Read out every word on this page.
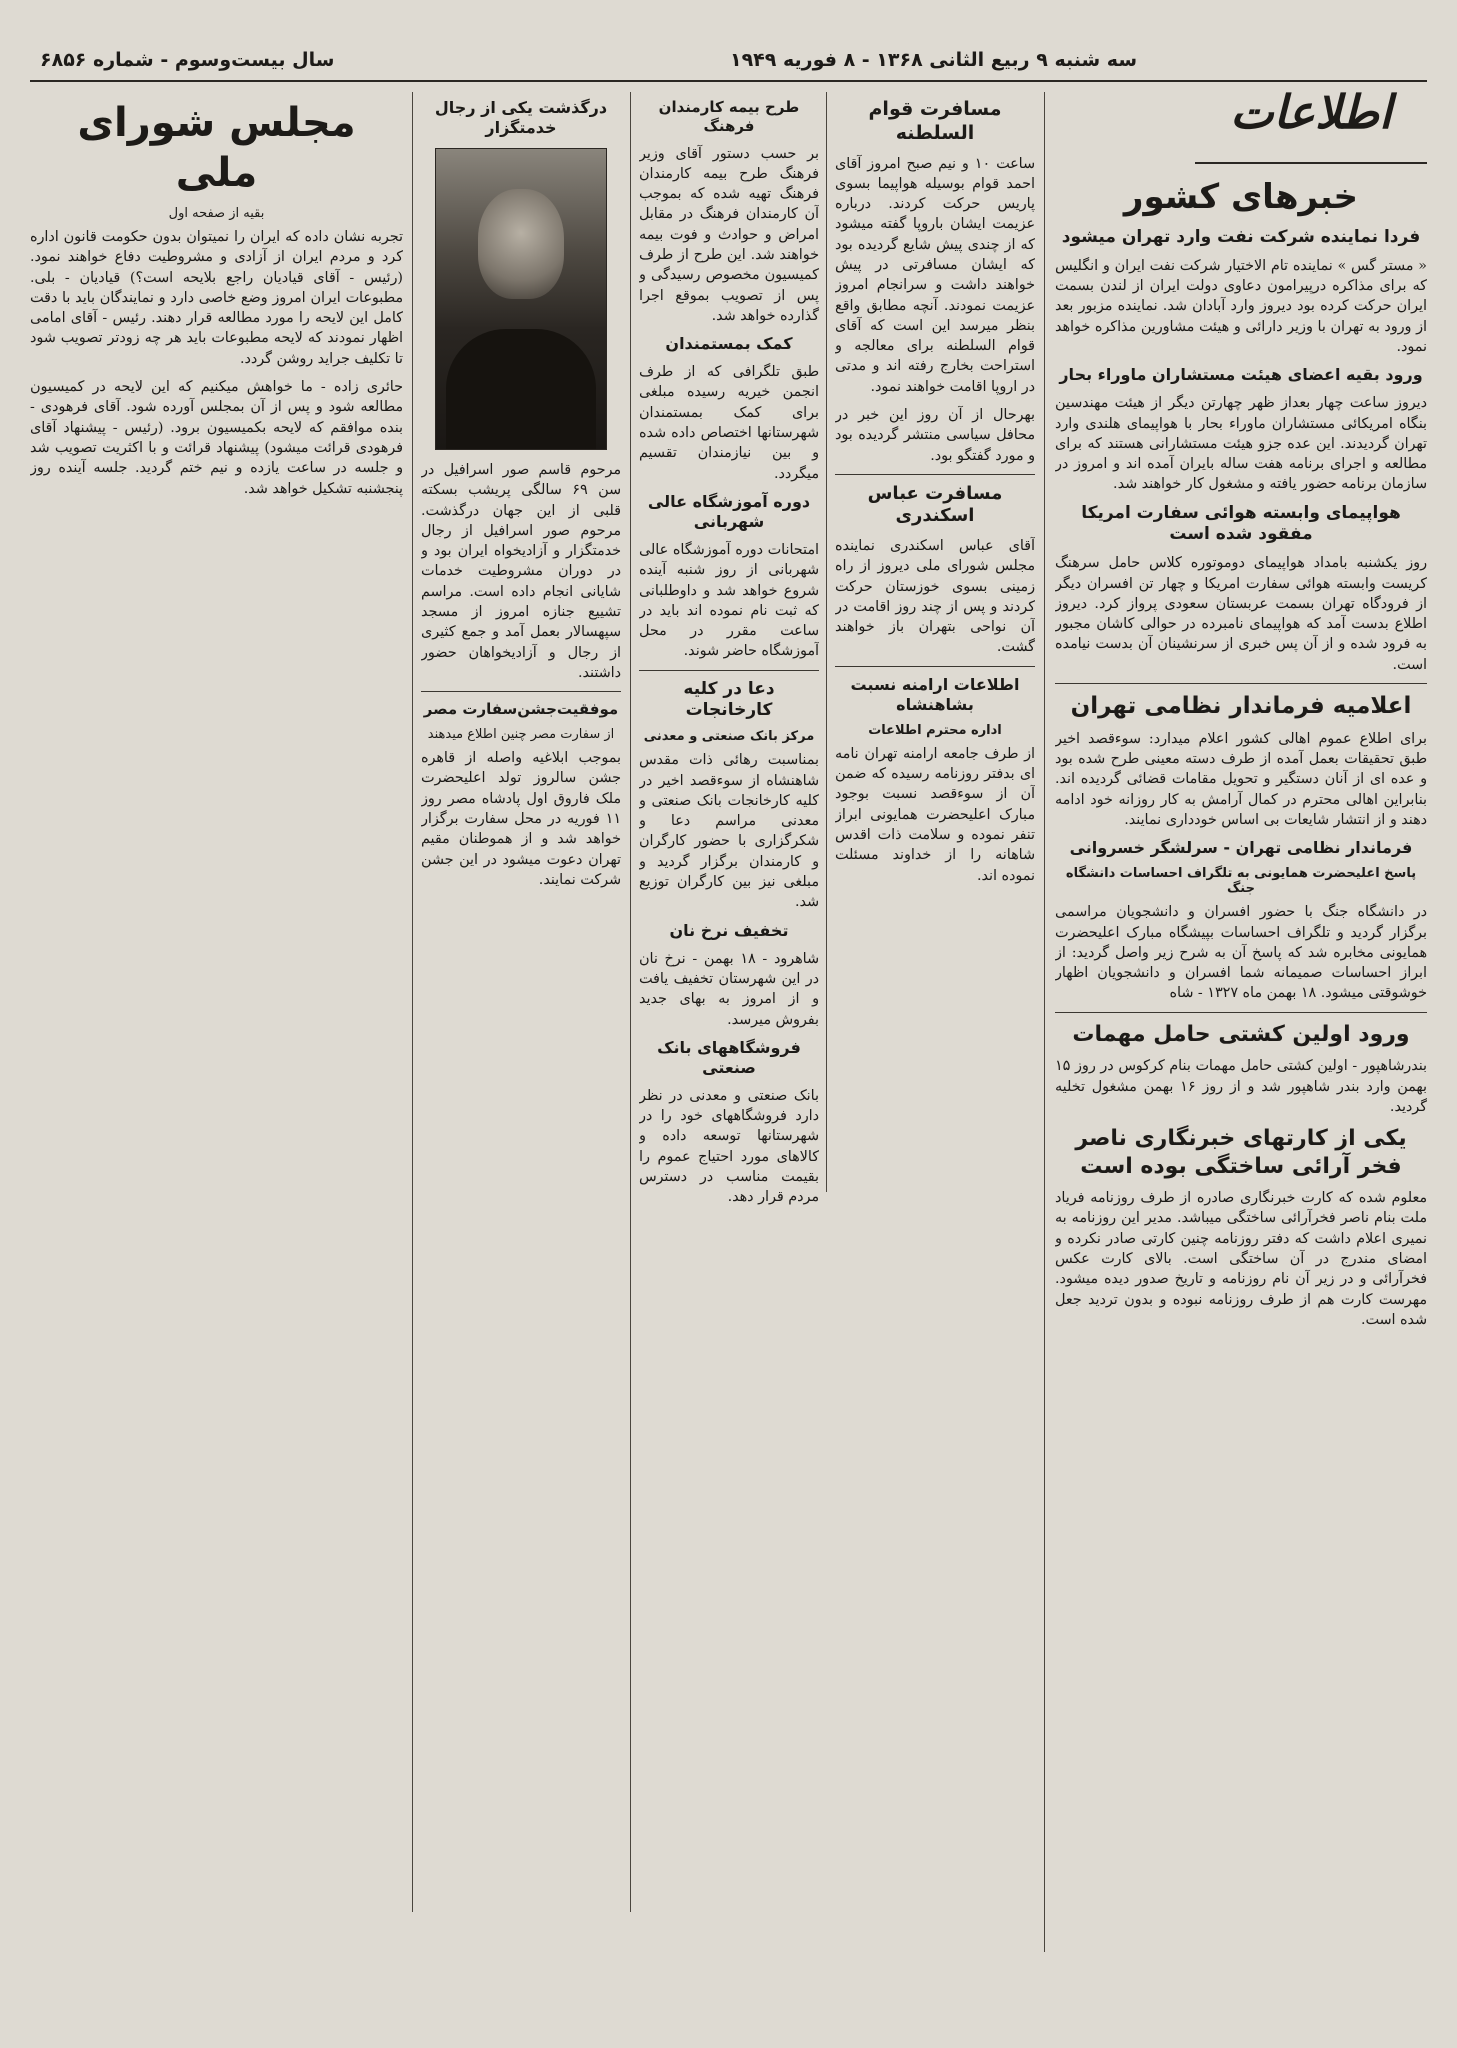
سه شنبه ۹ ربیع الثانی ۱۳۶۸ - ۸ فوریه ۱۹۴۹
سال بیست‌وسوم - شماره ۶۸۵۶
اطلاعات
خبرهای کشور
فردا نماینده شرکت نفت وارد تهران میشود

« مستر گس » نماینده تام الاختیار شرکت نفت ایران و انگلیس که برای مذاکره درپیرامون دعاوی دولت ایران از لندن بسمت ایران حرکت کرده بود دیروز وارد آبادان شد. نماینده مزبور بعد از ورود به تهران با وزیر دارائی و هیئت مشاورین مذاکره خواهد نمود.

ورود بقیه اعضای هیئت مستشاران ماوراء بحار

دیروز ساعت چهار بعداز ظهر چهارتن دیگر از هیئت مهندسین بنگاه امریکائی مستشاران ماوراء بحار با هواپیمای هلندی وارد تهران گردیدند. این عده جزو هیئت مستشارانی هستند که برای مطالعه و اجرای برنامه هفت ساله بایران آمده اند و امروز در سازمان برنامه حضور یافته و مشغول کار خواهند شد.

هواپیمای وابسته هوائی سفارت امریکا مفقود شده است

روز یکشنبه بامداد هواپیمای دوموتوره کلاس حامل سرهنگ کریست وابسته هوائی سفارت امریکا و چهار تن افسران دیگر از فرودگاه تهران بسمت عربستان سعودی پرواز کرد. دیروز اطلاع بدست آمد که هواپیمای نامبرده در حوالی کاشان مجبور به فرود شده و از آن پس خبری از سرنشینان آن بدست نیامده است.

اعلامیه فرماندار نظامی تهران

برای اطلاع عموم اهالی کشور اعلام میدارد: سوءقصد اخیر طبق تحقیقات بعمل آمده از طرف دسته معینی طرح شده بود و عده ای از آنان دستگیر و تحویل مقامات قضائی گردیده اند. بنابراین اهالی محترم در کمال آرامش به کار روزانه خود ادامه دهند و از انتشار شایعات بی اساس خودداری نمایند.

فرماندار نظامی تهران - سرلشگر خسروانی
پاسخ اعلیحضرت همایونی به تلگراف احساسات دانشگاه جنگ

در دانشگاه جنگ با حضور افسران و دانشجویان مراسمی برگزار گردید و تلگراف احساسات بپیشگاه مبارک اعلیحضرت همایونی مخابره شد که پاسخ آن به شرح زیر واصل گردید: از ابراز احساسات صمیمانه شما افسران و دانشجویان اظهار خوشوقتی میشود. ۱۸ بهمن ماه ۱۳۲۷ - شاه

ورود اولین کشتی حامل مهمات

بندرشاهپور - اولین کشتی حامل مهمات بنام کرکوس در روز ۱۵ بهمن وارد بندر شاهپور شد و از روز ۱۶ بهمن مشغول تخلیه گردید.

یکی از کارتهای خبرنگاری ناصر فخر آرائی ساختگی بوده است

معلوم شده که کارت خبرنگاری صادره از طرف روزنامه فریاد ملت بنام ناصر فخرآرائی ساختگی میباشد. مدیر این روزنامه به نمیری اعلام داشت که دفتر روزنامه چنین کارتی صادر نکرده و امضای مندرج در آن ساختگی است. بالای کارت عکس فخرآرائی و در زیر آن نام روزنامه و تاریخ صدور دیده میشود. مهرست کارت هم از طرف روزنامه نبوده و بدون تردید جعل شده است.

مسافرت قوام السلطنه

ساعت ۱۰ و نیم صبح امروز آقای احمد قوام بوسیله هواپیما بسوی پاریس حرکت کردند. درباره عزیمت ایشان باروپا گفته میشود که از چندی پیش شایع گردیده بود که ایشان مسافرتی در پیش خواهند داشت و سرانجام امروز عزیمت نمودند. آنچه مطابق واقع بنظر میرسد این است که آقای قوام السلطنه برای معالجه و استراحت بخارج رفته اند و مدتی در اروپا اقامت خواهند نمود.

بهرحال از آن روز این خبر در محافل سیاسی منتشر گردیده بود و مورد گفتگو بود.

مسافرت عباس اسکندری

آقای عباس اسکندری نماینده مجلس شورای ملی دیروز از راه زمینی بسوی خوزستان حرکت کردند و پس از چند روز اقامت در آن نواحی بتهران باز خواهند گشت.

اطلاعات ارامنه نسبت بشاهنشاه
اداره محترم اطلاعات

از طرف جامعه ارامنه تهران نامه ای بدفتر روزنامه رسیده که ضمن آن از سوءقصد نسبت بوجود مبارک اعلیحضرت همایونی ابراز تنفر نموده و سلامت ذات اقدس شاهانه را از خداوند مسئلت نموده اند.

طرح بیمه کارمندان فرهنگ

بر حسب دستور آقای وزیر فرهنگ طرح بیمه کارمندان فرهنگ تهیه شده که بموجب آن کارمندان فرهنگ در مقابل امراض و حوادث و فوت بیمه خواهند شد. این طرح از طرف کمیسیون مخصوص رسیدگی و پس از تصویب بموقع اجرا گذارده خواهد شد.

کمک بمستمندان

طبق تلگرافی که از طرف انجمن خیریه رسیده مبلغی برای کمک بمستمندان شهرستانها اختصاص داده شده و بین نیازمندان تقسیم میگردد.

دوره آموزشگاه عالی شهربانی

امتحانات دوره آموزشگاه عالی شهربانی از روز شنبه آینده شروع خواهد شد و داوطلبانی که ثبت نام نموده اند باید در ساعت مقرر در محل آموزشگاه حاضر شوند.

دعا در کلیه کارخانجات
مرکز بانک صنعتی و معدنی

بمناسبت رهائی ذات مقدس شاهنشاه از سوءقصد اخیر در کلیه کارخانجات بانک صنعتی و معدنی مراسم دعا و شکرگزاری با حضور کارگران و کارمندان برگزار گردید و مبلغی نیز بین کارگران توزیع شد.

تخفیف نرخ نان

شاهرود - ۱۸ بهمن - نرخ نان در این شهرستان تخفیف یافت و از امروز به بهای جدید بفروش میرسد.

فروشگاههای بانک صنعتی

بانک صنعتی و معدنی در نظر دارد فروشگاههای خود را در شهرستانها توسعه داده و کالاهای مورد احتیاج عموم را بقیمت مناسب در دسترس مردم قرار دهد.

درگذشت یکی از رجال خدمتگزار

مرحوم قاسم صور اسرافیل در سن ۶۹ سالگی پریشب بسکته قلبی از این جهان درگذشت. مرحوم صور اسرافیل از رجال خدمتگزار و آزادیخواه ایران بود و در دوران مشروطیت خدمات شایانی انجام داده است. مراسم تشییع جنازه امروز از مسجد سپهسالار بعمل آمد و جمع کثیری از رجال و آزادیخواهان حضور داشتند.

موفقیت‌جشن‌سفارت مصر
از سفارت مصر چنین اطلاع میدهند

بموجب ابلاغیه واصله از قاهره جشن سالروز تولد اعلیحضرت ملک فاروق اول پادشاه مصر روز ۱۱ فوریه در محل سفارت برگزار خواهد شد و از هموطنان مقیم تهران دعوت میشود در این جشن شرکت نمایند.

مجلس شورای ملی
بقیه از صفحه اول

تجربه نشان داده که ایران را نمیتوان بدون حکومت قانون اداره کرد و مردم ایران از آزادی و مشروطیت دفاع خواهند نمود. (رئیس - آقای قیادیان راجع بلایحه است؟) قیادیان - بلی. مطبوعات ایران امروز وضع خاصی دارد و نمایندگان باید با دقت کامل این لایحه را مورد مطالعه قرار دهند. رئیس - آقای امامی اظهار نمودند که لایحه مطبوعات باید هر چه زودتر تصویب شود تا تکلیف جراید روشن گردد.

حائری زاده - ما خواهش میکنیم که این لایحه در کمیسیون مطالعه شود و پس از آن بمجلس آورده شود. آقای فرهودی - بنده موافقم که لایحه بکمیسیون برود. (رئیس - پیشنهاد آقای فرهودی قرائت میشود) پیشنهاد قرائت و با اکثریت تصویب شد و جلسه در ساعت یازده و نیم ختم گردید. جلسه آینده روز پنجشنبه تشکیل خواهد شد.
